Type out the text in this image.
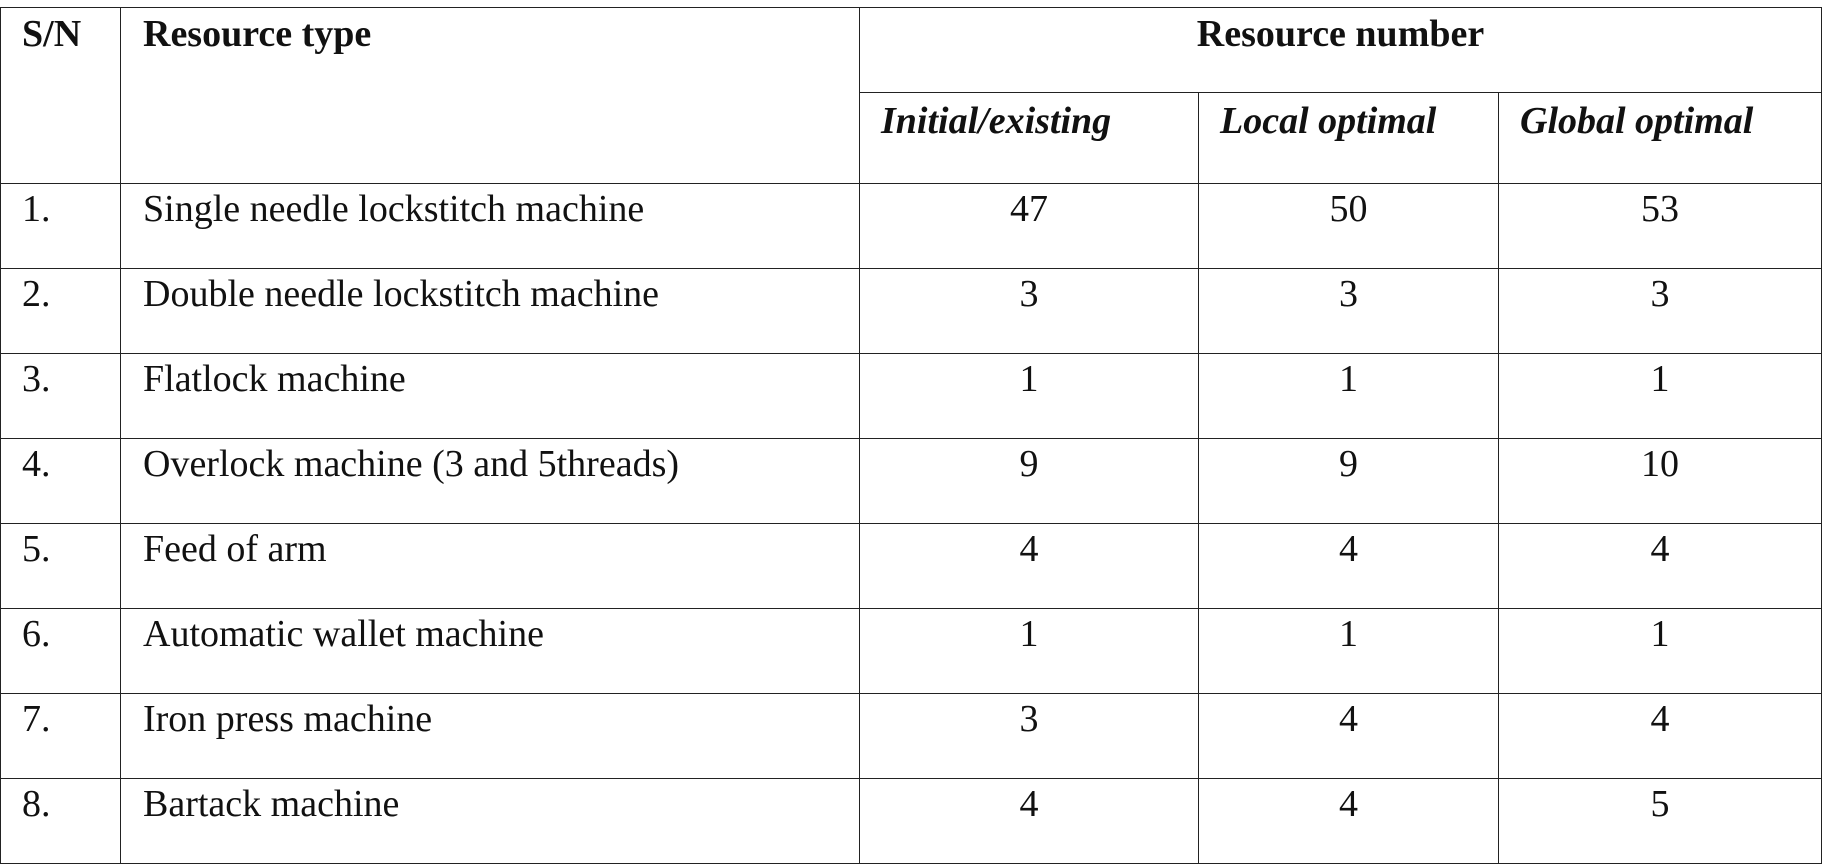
S/N	Resource type	Resource number		
		Initial/existing	Local optimal	Global optimal
1.	Single needle lockstitch machine	47	50	53
2.	Double needle lockstitch machine	3	3	3
3.	Flatlock machine	1	1	1
4.	Overlock machine (3 and 5threads)	9	9	10
5.	Feed of arm	4	4	4
6.	Automatic wallet machine	1	1	1
7.	Iron press machine	3	4	4
8.	Bartack machine	4	4	5
